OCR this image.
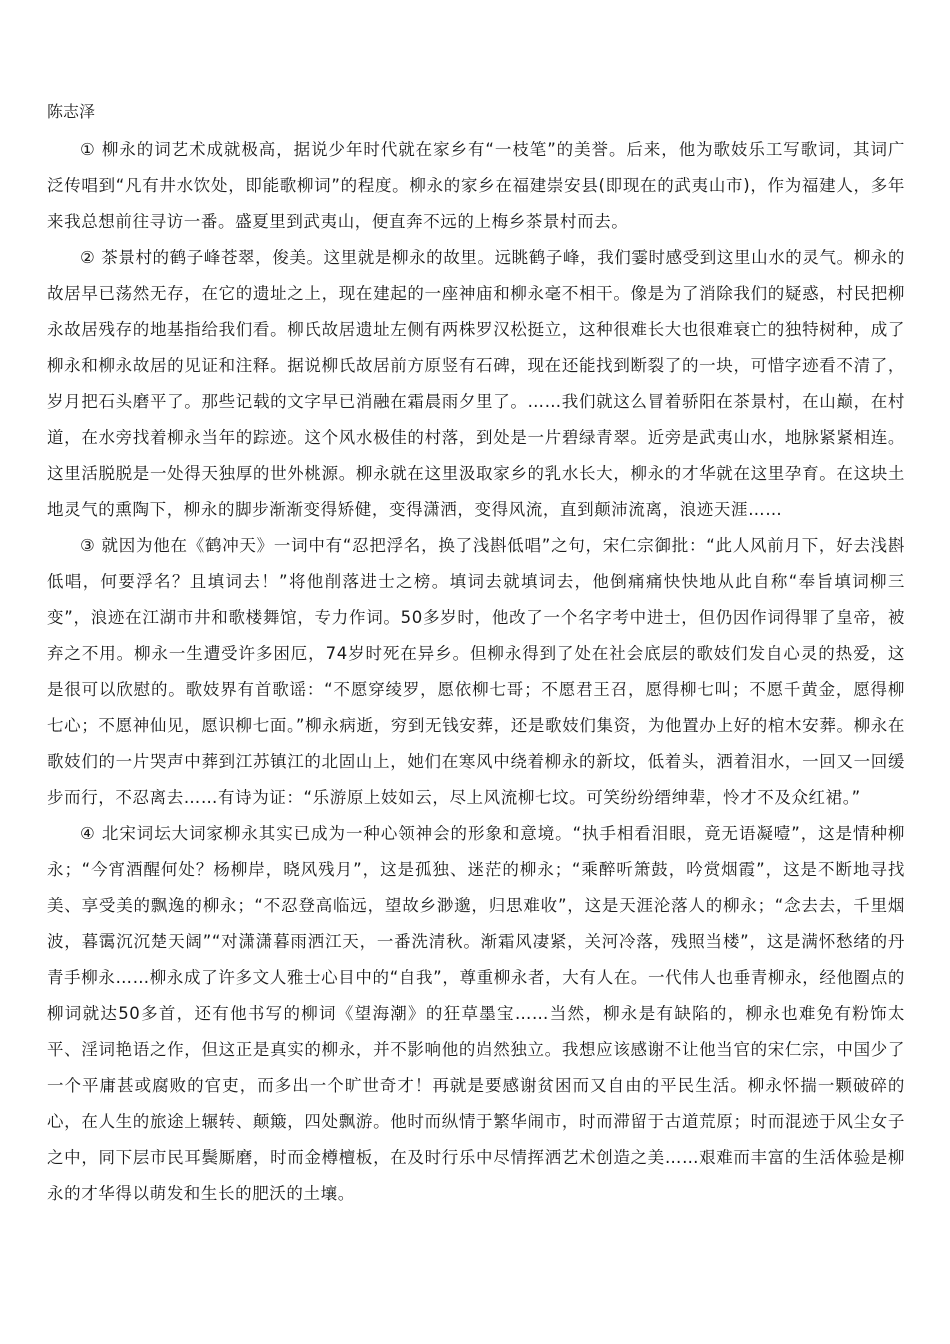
陈志泽

① 柳永的词艺术成就极高，据说少年时代就在家乡有“一枝笔”的美誉。后来，他为歌妓乐工写歌词，其词广泛传唱到“凡有井水饮处，即能歌柳词”的程度。柳永的家乡在福建崇安县(即现在的武夷山市)，作为福建人，多年来我总想前往寻访一番。盛夏里到武夷山，便直奔不远的上梅乡茶景村而去。

② 茶景村的鹤子峰苍翠，俊美。这里就是柳永的故里。远眺鹤子峰，我们霎时感受到这里山水的灵气。柳永的故居早已荡然无存，在它的遗址之上，现在建起的一座神庙和柳永毫不相干。像是为了消除我们的疑惑，村民把柳永故居残存的地基指给我们看。柳氏故居遗址左侧有两株罗汉松挺立，这种很难长大也很难衰亡的独特树种，成了柳永和柳永故居的见证和注释。据说柳氏故居前方原竖有石碑，现在还能找到断裂了的一块，可惜字迹看不清了，岁月把石头磨平了。那些记载的文字早已消融在霜晨雨夕里了。……我们就这么冒着骄阳在茶景村，在山巅，在村道，在水旁找着柳永当年的踪迹。这个风水极佳的村落，到处是一片碧绿青翠。近旁是武夷山水，地脉紧紧相连。这里活脱脱是一处得天独厚的世外桃源。柳永就在这里汲取家乡的乳水长大，柳永的才华就在这里孕育。在这块土地灵气的熏陶下，柳永的脚步渐渐变得矫健，变得潇洒，变得风流，直到颠沛流离，浪迹天涯……

③ 就因为他在《鹤冲天》一词中有“忍把浮名，换了浅斟低唱”之句，宋仁宗御批：“此人风前月下，好去浅斟低唱，何要浮名？且填词去！”将他削落进士之榜。填词去就填词去，他倒痛痛快快地从此自称“奉旨填词柳三变”，浪迹在江湖市井和歌楼舞馆，专力作词。50多岁时，他改了一个名字考中进士，但仍因作词得罪了皇帝，被弃之不用。柳永一生遭受许多困厄，74岁时死在异乡。但柳永得到了处在社会底层的歌妓们发自心灵的热爱，这是很可以欣慰的。歌妓界有首歌谣：“不愿穿绫罗，愿依柳七哥；不愿君王召，愿得柳七叫；不愿千黄金，愿得柳七心；不愿神仙见，愿识柳七面。”柳永病逝，穷到无钱安葬，还是歌妓们集资，为他置办上好的棺木安葬。柳永在歌妓们的一片哭声中葬到江苏镇江的北固山上，她们在寒风中绕着柳永的新坟，低着头，洒着泪水，一回又一回缓步而行，不忍离去……有诗为证：“乐游原上妓如云，尽上风流柳七坟。可笑纷纷缙绅辈，怜才不及众红裙。”

④ 北宋词坛大词家柳永其实已成为一种心领神会的形象和意境。“执手相看泪眼，竟无语凝噎”，这是情种柳永；“今宵酒醒何处？杨柳岸，晓风残月”，这是孤独、迷茫的柳永；“乘醉听箫鼓，吟赏烟霞”，这是不断地寻找美、享受美的飘逸的柳永；“不忍登高临远，望故乡渺邈，归思难收”，这是天涯沦落人的柳永；“念去去，千里烟波，暮霭沉沉楚天阔”“对潇潇暮雨洒江天，一番洗清秋。渐霜风凄紧，关河冷落，残照当楼”，这是满怀愁绪的丹青手柳永……柳永成了许多文人雅士心目中的“自我”，尊重柳永者，大有人在。一代伟人也垂青柳永，经他圈点的柳词就达50多首，还有他书写的柳词《望海潮》的狂草墨宝……当然，柳永是有缺陷的，柳永也难免有粉饰太平、淫词艳语之作，但这正是真实的柳永，并不影响他的岿然独立。我想应该感谢不让他当官的宋仁宗，中国少了一个平庸甚或腐败的官吏，而多出一个旷世奇才！再就是要感谢贫困而又自由的平民生活。柳永怀揣一颗破碎的心，在人生的旅途上辗转、颠簸，四处飘游。他时而纵情于繁华闹市，时而滞留于古道荒原；时而混迹于风尘女子之中，同下层市民耳鬓厮磨，时而金樽檀板，在及时行乐中尽情挥洒艺术创造之美……艰难而丰富的生活体验是柳永的才华得以萌发和生长的肥沃的土壤。
